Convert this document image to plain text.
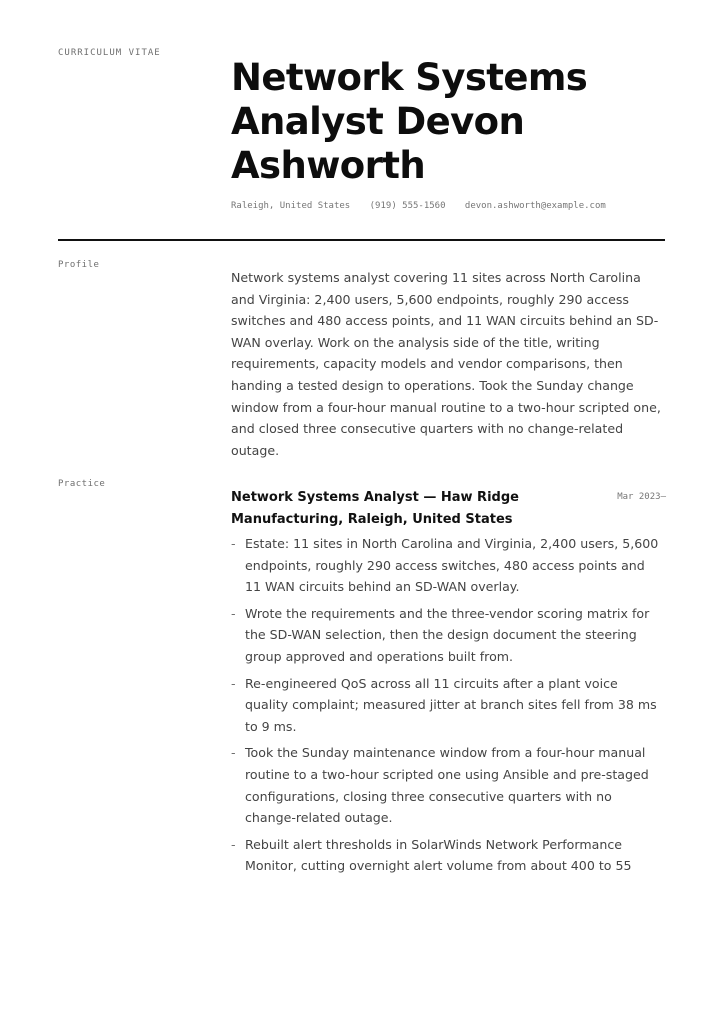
CURRICULUM VITAE
Network Systems Analyst Devon Ashworth
Raleigh, United States (919) 555-1560 devon.ashworth@example.com
Profile

Network systems analyst covering 11 sites across North Carolina and Virginia: 2,400 users, 5,600 endpoints, roughly 290 access switches and 480 access points, and 11 WAN circuits behind an SD-WAN overlay. Work on the analysis side of the title, writing requirements, capacity models and vendor comparisons, then handing a tested design to operations. Took the Sunday change window from a four-hour manual routine to a two-hour scripted one, and closed three consecutive quarters with no change-related outage.

Practice
Network Systems Analyst — Haw Ridge Manufacturing, Raleigh, United States
Mar 2023–
- Estate: 11 sites in North Carolina and Virginia, 2,400 users, 5,600 endpoints, roughly 290 access switches, 480 access points and 11 WAN circuits behind an SD-WAN overlay.
- Wrote the requirements and the three-vendor scoring matrix for the SD-WAN selection, then the design document the steering group approved and operations built from.
- Re-engineered QoS across all 11 circuits after a plant voice quality complaint; measured jitter at branch sites fell from 38 ms to 9 ms.
- Took the Sunday maintenance window from a four-hour manual routine to a two-hour scripted one using Ansible and pre-staged configurations, closing three consecutive quarters with no change-related outage.
- Rebuilt alert thresholds in SolarWinds Network Performance Monitor, cutting overnight alert volume from about 400 to 55
